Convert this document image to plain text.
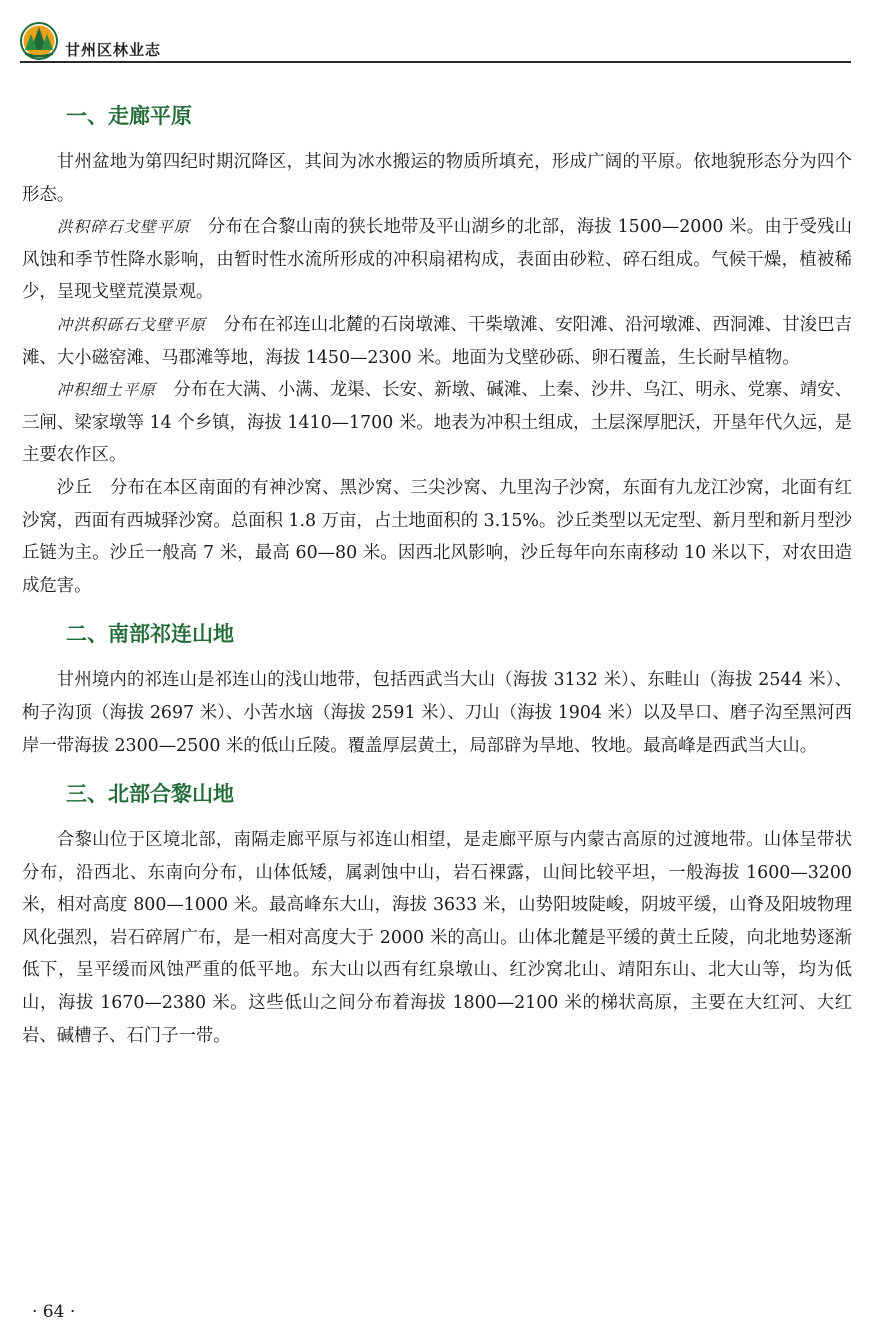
甘州区林业志
一、走廊平原

甘州盆地为第四纪时期沉降区，其间为冰水搬运的物质所填充，形成广阔的平原。依地貌形态分为四个形态。

洪积碎石戈壁平原　 分布在合黎山南的狭长地带及平山湖乡的北部，海拔 1500—2000 米。由于受残山风蚀和季节性降水影响，由暂时性水流所形成的冲积扇裙构成，表面由砂粒、碎石组成。气候干燥，植被稀少，呈现戈壁荒漠景观。

冲洪积砾石戈壁平原　 分布在祁连山北麓的石岗墩滩、干柴墩滩、安阳滩、沿河墩滩、西洞滩、甘浚巴吉滩、大小磁窑滩、马郡滩等地，海拔 1450—2300 米。地面为戈壁砂砾、卵石覆盖，生长耐旱植物。

冲积细土平原　 分布在大满、小满、龙渠、长安、新墩、碱滩、上秦、沙井、乌江、明永、党寨、靖安、三闸、梁家墩等 14 个乡镇，海拔 1410—1700 米。地表为冲积土组成，土层深厚肥沃，开垦年代久远，是主要农作区。

沙丘　 分布在本区南面的有神沙窝、黑沙窝、三尖沙窝、九里沟子沙窝，东面有九龙江沙窝，北面有红沙窝，西面有西城驿沙窝。总面积 1.8 万亩，占土地面积的 3.15%。沙丘类型以无定型、新月型和新月型沙丘链为主。沙丘一般高 7 米，最高 60—80 米。因西北风影响，沙丘每年向东南移动 10 米以下，对农田造成危害。

二、南部祁连山地

甘州境内的祁连山是祁连山的浅山地带，包括西武当大山（海拔 3132 米）、东畦山（海拔 2544 米）、枸子沟顶（海拔 2697 米）、小苦水垴（海拔 2591 米）、刀山（海拔 1904 米）以及旱口、磨子沟至黑河西岸一带海拔 2300—2500 米的低山丘陵。覆盖厚层黄土，局部辟为旱地、牧地。最高峰是西武当大山。

三、北部合黎山地

合黎山位于区境北部，南隔走廊平原与祁连山相望，是走廊平原与内蒙古高原的过渡地带。山体呈带状分布，沿西北、东南向分布，山体低矮，属剥蚀中山，岩石裸露，山间比较平坦，一般海拔 1600—3200 米，相对高度 800—1000 米。最高峰东大山，海拔 3633 米，山势阳坡陡峻，阴坡平缓，山脊及阳坡物理风化强烈，岩石碎屑广布，是一相对高度大于 2000 米的高山。山体北麓是平缓的黄土丘陵，向北地势逐渐低下，呈平缓而风蚀严重的低平地。东大山以西有红泉墩山、红沙窝北山、靖阳东山、北大山等，均为低山，海拔 1670—2380 米。这些低山之间分布着海拔 1800—2100 米的梯状高原，主要在大红河、大红岩、碱槽子、石门子一带。

· 64 ·
